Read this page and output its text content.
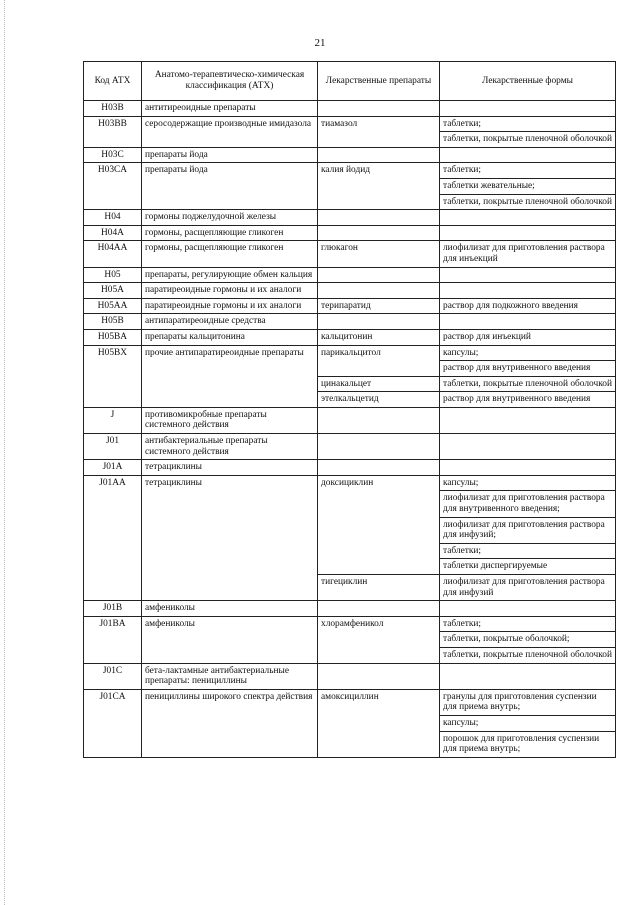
21
Код АТХ	Анатомо-терапевтическо-химическая классификация (АТХ)	Лекарственные препараты	Лекарственные формы
H03B	антитиреоидные препараты		
H03BB	серосодержащие производные имидазола	тиамазол	таблетки;
			таблетки, покрытые пленочной оболочкой
H03C	препараты йода		
H03CA	препараты йода	калия йодид	таблетки;
			таблетки жевательные;
			таблетки, покрытые пленочной оболочкой
H04	гормоны поджелудочной железы		
H04A	гормоны, расщепляющие гликоген		
H04AA	гормоны, расщепляющие гликоген	глюкагон	лиофилизат для приготовления раствора для инъекций
H05	препараты, регулирующие обмен кальция		
H05A	паратиреоидные гормоны и их аналоги		
H05AA	паратиреоидные гормоны и их аналоги	терипаратид	раствор для подкожного введения
H05B	антипаратиреоидные средства		
H05BA	препараты кальцитонина	кальцитонин	раствор для инъекций
H05BX	прочие антипаратиреоидные препараты	парикальцитол	капсулы;
			раствор для внутривенного введения
		цинакальцет	таблетки, покрытые пленочной оболочкой
		этелкальцетид	раствор для внутривенного введения
J	противомикробные препараты системного действия		
J01	антибактериальные препараты системного действия		
J01A	тетрациклины		
J01AA	тетрациклины	доксициклин	капсулы;
			лиофилизат для приготовления раствора для внутривенного введения;
			лиофилизат для приготовления раствора для инфузий;
			таблетки;
			таблетки диспергируемые
		тигециклин	лиофилизат для приготовления раствора для инфузий
J01B	амфениколы		
J01BA	амфениколы	хлорамфеникол	таблетки;
			таблетки, покрытые оболочкой;
			таблетки, покрытые пленочной оболочкой
J01C	бета-лактамные антибактериальные препараты: пенициллины		
J01CA	пенициллины широкого спектра действия	амоксициллин	гранулы для приготовления суспензии для приема внутрь;
			капсулы;
			порошок для приготовления суспензии для приема внутрь;
